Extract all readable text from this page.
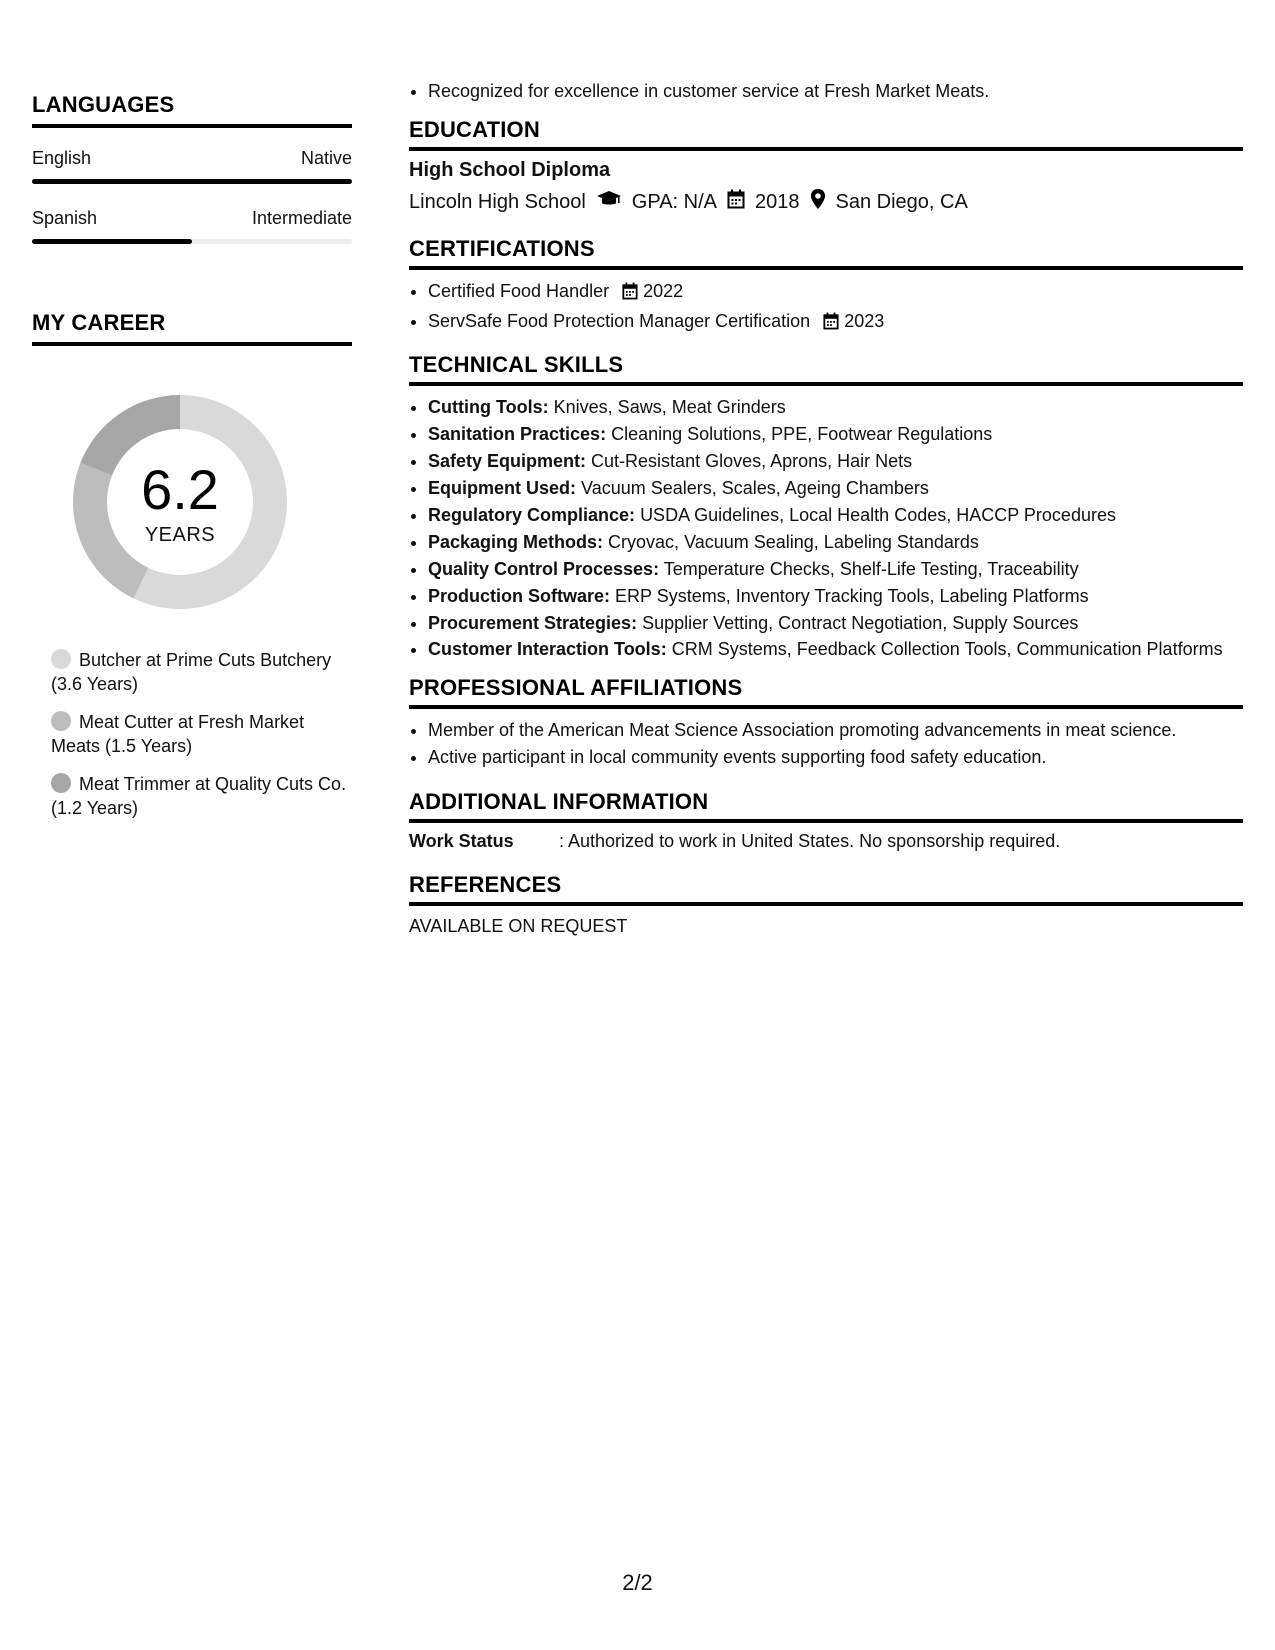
LANGUAGES
English	Native
Spanish	Intermediate
MY CAREER
6.2
YEARS
Butcher at Prime Cuts Butchery (3.6 Years)
Meat Cutter at Fresh Market Meats (1.5 Years)
Meat Trimmer at Quality Cuts Co. (1.2 Years)
• Recognized for excellence in customer service at Fresh Market Meats.
EDUCATION
High School Diploma
Lincoln High School GPA: N/A 2018 San Diego, CA
CERTIFICATIONS
• Certified Food Handler 2022
• ServSafe Food Protection Manager Certification 2023
TECHNICAL SKILLS
• Cutting Tools: Knives, Saws, Meat Grinders
• Sanitation Practices: Cleaning Solutions, PPE, Footwear Regulations
• Safety Equipment: Cut-Resistant Gloves, Aprons, Hair Nets
• Equipment Used: Vacuum Sealers, Scales, Ageing Chambers
• Regulatory Compliance: USDA Guidelines, Local Health Codes, HACCP Procedures
• Packaging Methods: Cryovac, Vacuum Sealing, Labeling Standards
• Quality Control Processes: Temperature Checks, Shelf-Life Testing, Traceability
• Production Software: ERP Systems, Inventory Tracking Tools, Labeling Platforms
• Procurement Strategies: Supplier Vetting, Contract Negotiation, Supply Sources
• Customer Interaction Tools: CRM Systems, Feedback Collection Tools, Communication Platforms
PROFESSIONAL AFFILIATIONS
• Member of the American Meat Science Association promoting advancements in meat science.
• Active participant in local community events supporting food safety education.
ADDITIONAL INFORMATION
Work Status	: Authorized to work in United States. No sponsorship required.
REFERENCES
AVAILABLE ON REQUEST
2/2
